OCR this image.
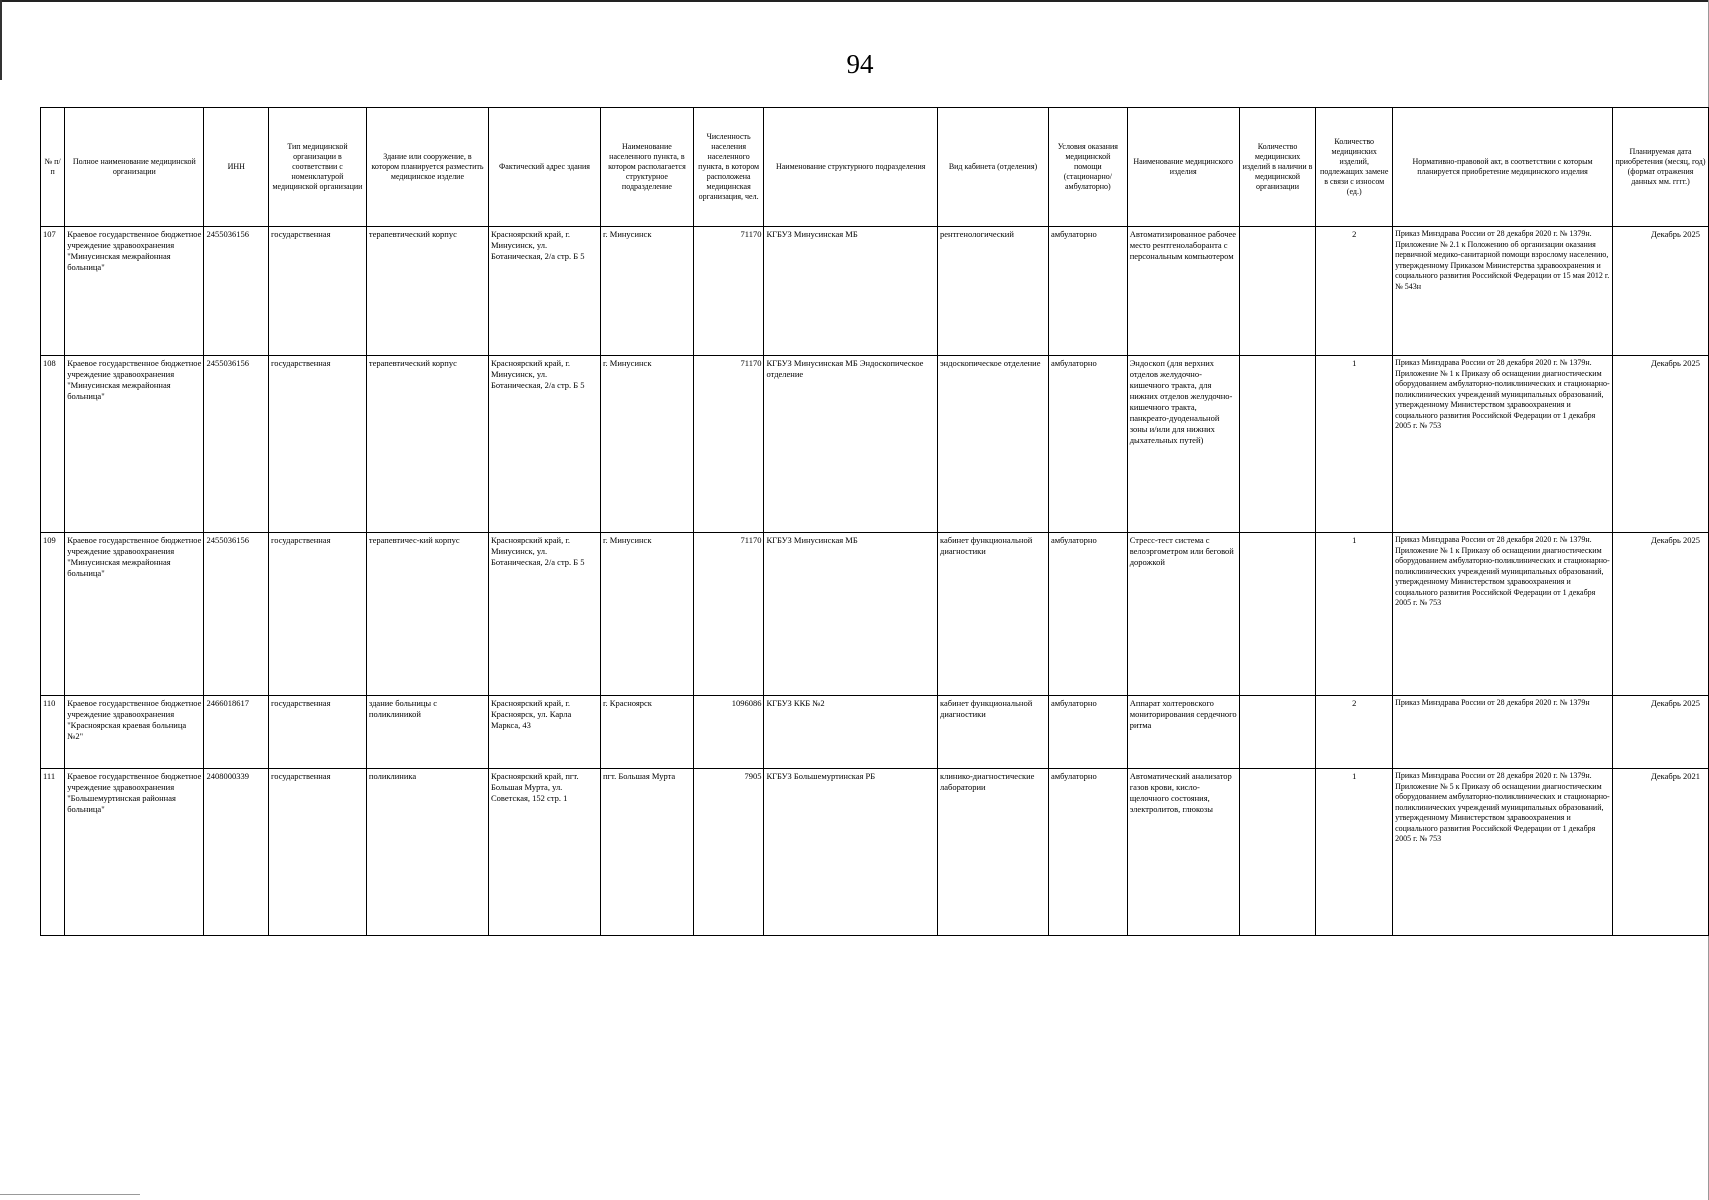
94
№ п/п	Полное наименование медицинской организации	ИНН	Тип медицинской организации в соответствии с номенклатурой медицинской организации	Здание или сооружение, в котором планируется разместить медицинское изделие	Фактический адрес здания	Наименование населенного пункта, в котором располагается структурное подразделение	Численность населения населенного пункта, в котором расположена медицинская организация, чел.	Наименование структурного подразделения	Вид кабинета (отделения)	Условия оказания медицинской помощи (стационарно/амбулаторно)	Наименование медицинского изделия	Количество медицинских изделий в наличии в медицинской организации	Количество медицинских изделий, подлежащих замене в связи с износом (ед.)	Нормативно-правовой акт, в соответствии с которым планируется приобретение медицинского изделия	Планируемая дата приобретения (месяц, год) (формат отражения данных мм. гггг.)
107	Краевое государственное бюджетное учреждение здравоохранения "Минусинская межрайонная больница"	2455036156	государственная	терапевтический корпус	Красноярский край, г. Минусинск, ул. Ботаническая, 2/а стр. Б 5	г. Минусинск	71170	КГБУЗ Минусинская МБ	рентгенологический	амбулаторно	Автоматизированное рабочее место рентгенолаборанта с персональным компьютером		2	Приказ Минздрава России от 28 декабря 2020 г. № 1379н. Приложение № 2.1 к Положению об организации оказания первичной медико-санитарной помощи взрослому населению, утвержденному Приказом Министерства здравоохранения и социального развития Российской Федерации от 15 мая 2012 г. № 543н	Декабрь 2025
108	Краевое государственное бюджетное учреждение здравоохранения "Минусинская межрайонная больница"	2455036156	государственная	терапевтический корпус	Красноярский край, г. Минусинск, ул. Ботаническая, 2/а стр. Б 5	г. Минусинск	71170	КГБУЗ Минусинская МБ Эндоскопическое отделение	эндоскопическое отделение	амбулаторно	Эндоскоп (для верхних отделов желудочно-кишечного тракта, для нижних отделов желудочно-кишечного тракта, панкреато-дуоденальной зоны и/или для нижних дыхательных путей)		1	Приказ Минздрава России от 28 декабря 2020 г. № 1379н. Приложение № 1 к Приказу об оснащении диагностическим оборудованием амбулаторно-поликлинических и стационарно-поликлинических учреждений муниципальных образований, утвержденному Министерством здравоохранения и социального развития Российской Федерации от 1 декабря 2005 г. № 753	Декабрь 2025
109	Краевое государственное бюджетное учреждение здравоохранения "Минусинская межрайонная больница"	2455036156	государственная	терапевтичес-кий корпус	Красноярский край, г. Минусинск, ул. Ботаническая, 2/а стр. Б 5	г. Минусинск	71170	КГБУЗ Минусинская МБ	кабинет функциональной диагностики	амбулаторно	Стресс-тест система с велоэргометром или беговой дорожкой		1	Приказ Минздрава России от 28 декабря 2020 г. № 1379н. Приложение № 1 к Приказу об оснащении диагностическим оборудованием амбулаторно-поликлинических и стационарно-поликлинических учреждений муниципальных образований, утвержденному Министерством здравоохранения и социального развития Российской Федерации от 1 декабря 2005 г. № 753	Декабрь 2025
110	Краевое государственное бюджетное учреждение здравоохранения "Красноярская краевая больница №2"	2466018617	государственная	здание больницы с поликлиникой	Красноярский край, г. Красноярск, ул. Карла Маркса, 43	г. Красноярск	1096086	КГБУЗ ККБ №2	кабинет функциональной диагностики	амбулаторно	Аппарат холтеровского мониторирования сердечного ритма		2	Приказ Минздрава России от 28 декабря 2020 г. № 1379н	Декабрь 2025
111	Краевое государственное бюджетное учреждение здравоохранения "Большемуртинская районная больница"	2408000339	государственная	поликлиника	Красноярский край, пгт. Большая Мурта, ул. Советская, 152 стр. 1	пгт. Большая Мурта	7905	КГБУЗ Большемуртинская РБ	клинико-диагностические лаборатории	амбулаторно	Автоматический анализатор газов крови, кисло-щелочного состояния, электролитов, глюкозы		1	Приказ Минздрава России от 28 декабря 2020 г. № 1379н. Приложение № 5 к Приказу об оснащении диагностическим оборудованием амбулаторно-поликлинических и стационарно-поликлинических учреждений муниципальных образований, утвержденному Министерством здравоохранения и социального развития Российской Федерации от 1 декабря 2005 г. № 753	Декабрь 2021
